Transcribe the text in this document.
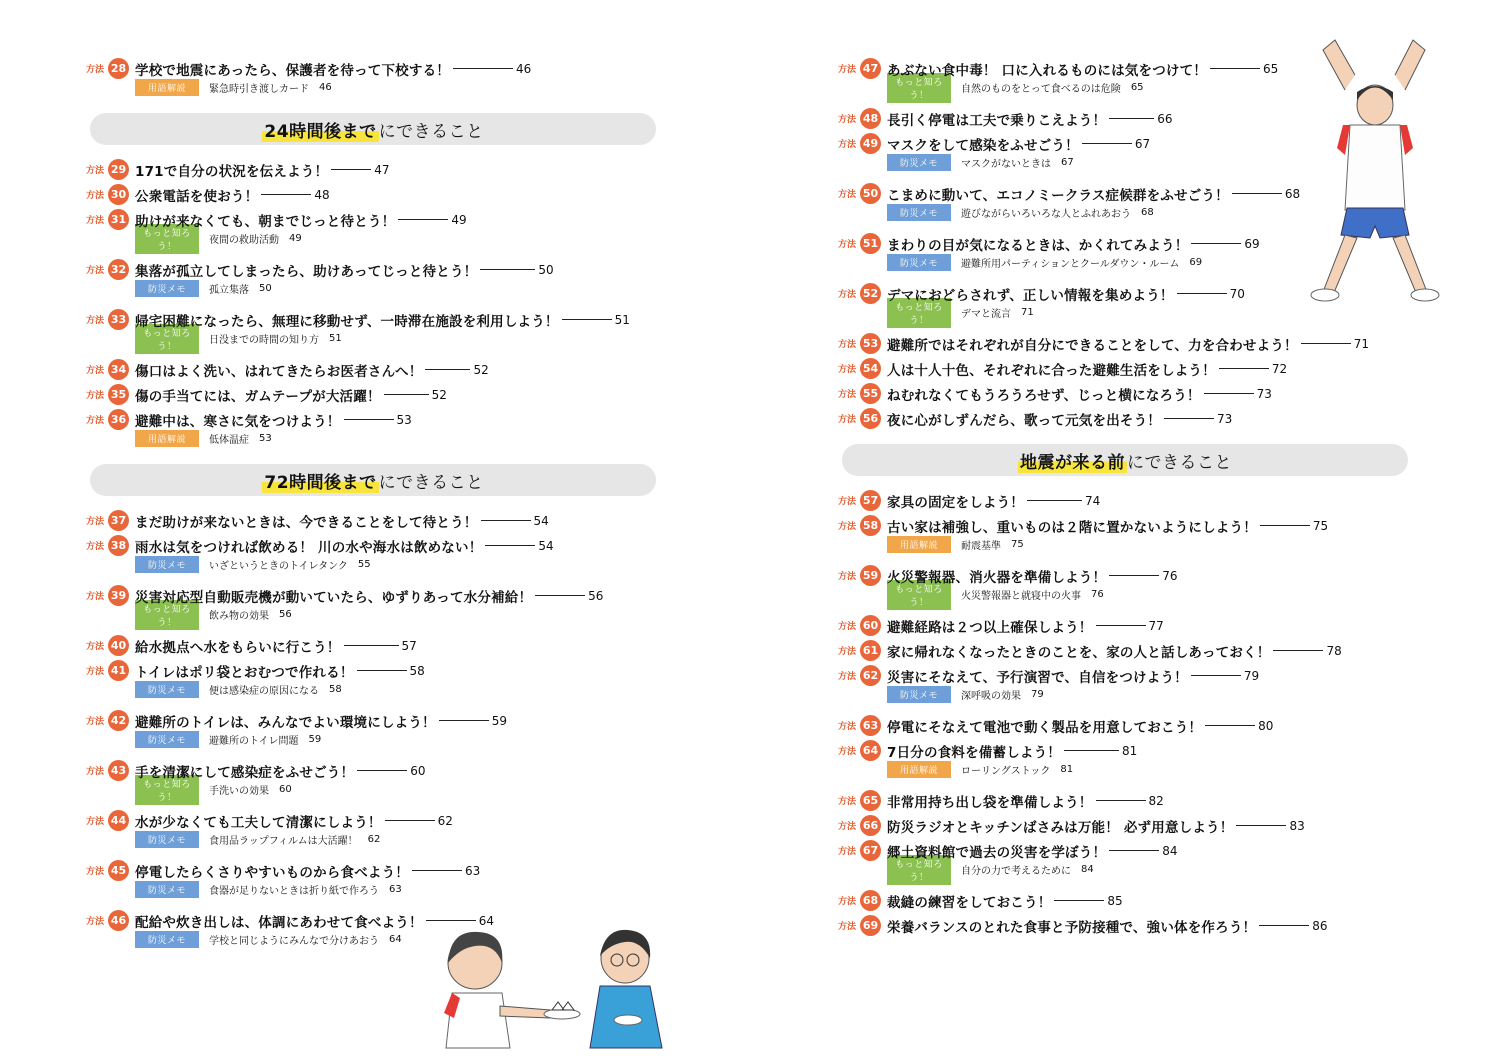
方法 28 学校で地震にあったら、保護者を待って下校する！	46
用語解説	緊急時引き渡しカード 46
24時間後まで にできること
方法 29 171で自分の状況を伝えよう！	47
方法 30 公衆電話を使おう！	48
方法 31 助けが来なくても、朝までじっと待とう！	49
もっと知ろう！
夜間の救助活動 49
方法 32 集落が孤立してしまったら、助けあってじっと待とう！	50
防災メモ	孤立集落 50
方法 33 帰宅困難になったら、無理に移動せず、一時滞在施設を利用しよう！	51
もっと知ろう！
日没までの時間の知り方 51
方法 34 傷口はよく洗い、はれてきたらお医者さんへ！	52
方法 35 傷の手当てには、ガムテープが大活躍！	52
方法 36 避難中は、寒さに気をつけよう！	53
用語解説	低体温症 53
72時間後まで にできること
方法 37 まだ助けが来ないときは、今できることをして待とう！	54
方法 38 雨水は気をつければ飲める！ 川の水や海水は飲めない！	54
防災メモ	いざというときのトイレタンク 55
方法 39 災害対応型自動販売機が動いていたら、ゆずりあって水分補給！	56
もっと知ろう！
飲み物の効果 56
方法 40 給水拠点へ水をもらいに行こう！	57
方法 41 トイレはポリ袋とおむつで作れる！	58
防災メモ	便は感染症の原因になる 58
方法 42 避難所のトイレは、みんなでよい環境にしよう！	59
防災メモ	避難所のトイレ問題 59
方法 43 手を清潔にして感染症をふせごう！	60
もっと知ろう！
手洗いの効果 60
方法 44 水が少なくても工夫して清潔にしよう！	62
防災メモ	食用品ラップフィルムは大活躍！ 62
方法 45 停電したらくさりやすいものから食べよう！	63
防災メモ	食器が足りないときは折り紙で作ろう 63
方法 46 配給や炊き出しは、体調にあわせて食べよう！	64
防災メモ	学校と同じようにみんなで分けあおう 64
方法 47 あぶない食中毒！ 口に入れるものには気をつけて！	65
もっと知ろう！
自然のものをとって食べるのは危険 65
方法 48 長引く停電は工夫で乗りこえよう！	66
方法 49 マスクをして感染をふせごう！	67
防災メモ	マスクがないときは 67
方法 50 こまめに動いて、エコノミークラス症候群をふせごう！	68
防災メモ	遊びながらいろいろな人とふれあおう 68
方法 51 まわりの目が気になるときは、かくれてみよう！	69
防災メモ	避難所用パーティションとクールダウン・ルーム 69
方法 52 デマにおどらされず、正しい情報を集めよう！	70
もっと知ろう！
デマと流言 71
方法 53 避難所ではそれぞれが自分にできることをして、力を合わせよう！	71
方法 54 人は十人十色、それぞれに合った避難生活をしよう！	72
方法 55 ねむれなくてもうろうろせず、じっと横になろう！	73
方法 56 夜に心がしずんだら、歌って元気を出そう！	73
地震が来る前 にできること
方法 57 家具の固定をしよう！	74
方法 58 古い家は補強し、重いものは２階に置かないようにしよう！	75
用語解説	耐震基準 75
方法 59 火災警報器、消火器を準備しよう！	76
もっと知ろう！
火災警報器と就寝中の火事 76
方法 60 避難経路は２つ以上確保しよう！	77
方法 61 家に帰れなくなったときのことを、家の人と話しあっておく！	78
方法 62 災害にそなえて、予行演習で、自信をつけよう！	79
防災メモ	深呼吸の効果 79
方法 63 停電にそなえて電池で動く製品を用意しておこう！	80
方法 64 7日分の食料を備蓄しよう！	81
用語解説	ローリングストック 81
方法 65 非常用持ち出し袋を準備しよう！	82
方法 66 防災ラジオとキッチンばさみは万能！ 必ず用意しよう！	83
方法 67 郷土資料館で過去の災害を学ぼう！	84
もっと知ろう！
自分の力で考えるために 84
方法 68 裁縫の練習をしておこう！	85
方法 69 栄養バランスのとれた食事と予防接種で、強い体を作ろう！	86
